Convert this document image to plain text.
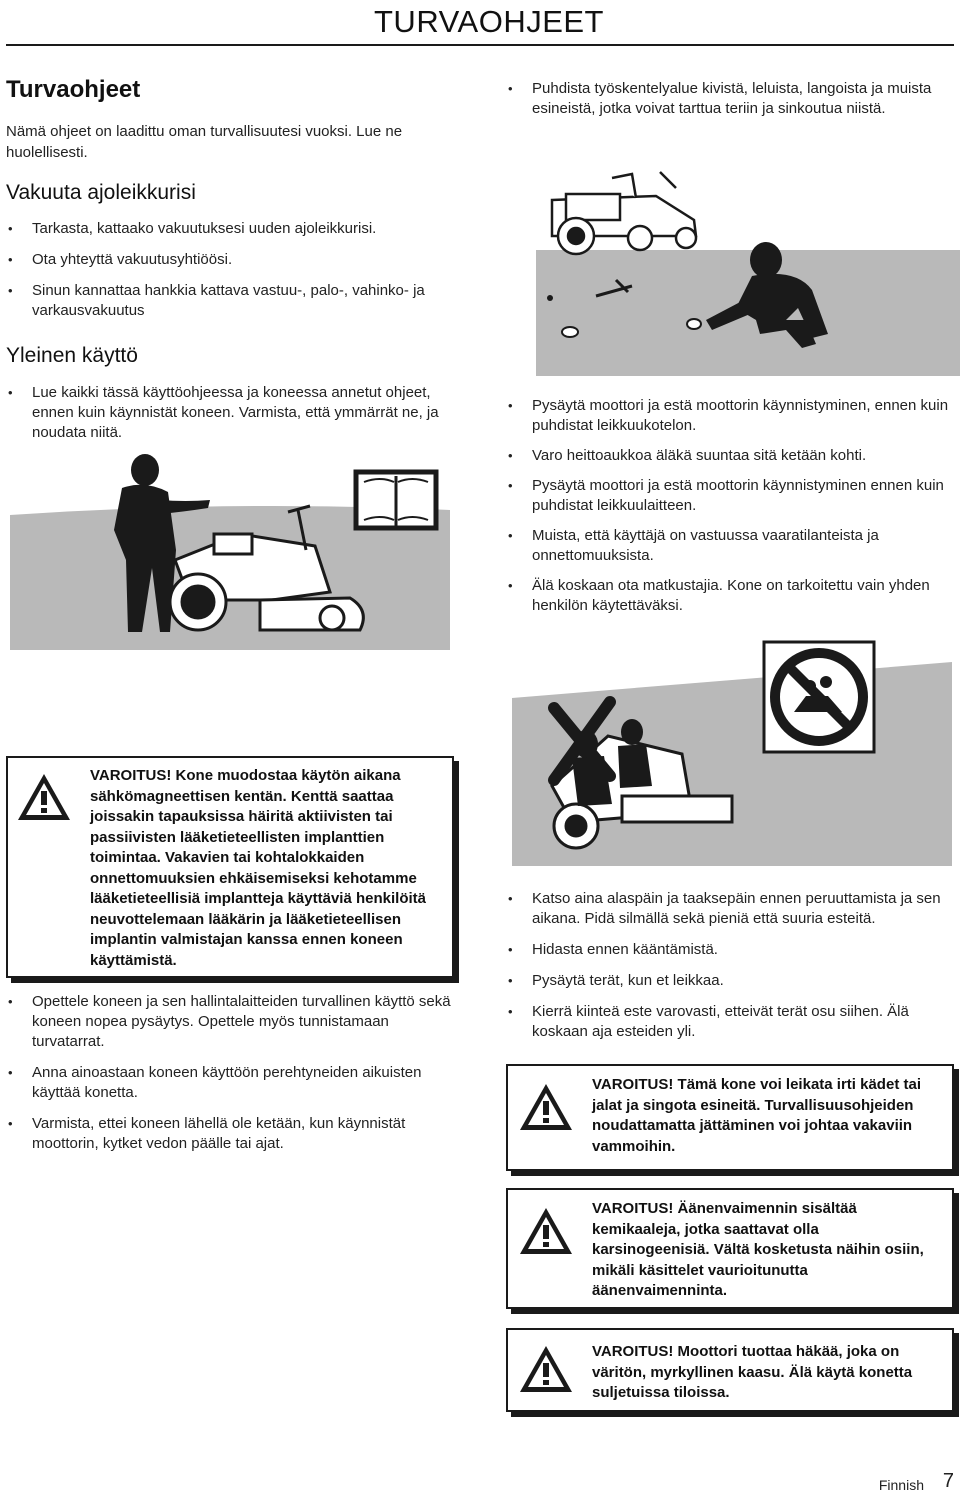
TURVAOHJEET
Turvaohjeet
Nämä ohjeet on laadittu oman turvallisuutesi vuoksi. Lue ne huolellisesti.
Vakuuta ajoleikkurisi
• Tarkasta, kattaako vakuutuksesi uuden ajoleikkurisi.
• Ota yhteyttä vakuutusyhtiöösi.
• Sinun kannattaa hankkia kattava vastuu-, palo-, vahinko- ja varkausvakuutus
Yleinen käyttö
• Lue kaikki tässä käyttöohjeessa ja koneessa annetut ohjeet, ennen kuin käynnistät koneen. Varmista, että ymmärrät ne, ja noudata niitä.
VAROITUS! Kone muodostaa käytön aikana sähkömagneettisen kentän. Kenttä saattaa joissakin tapauksissa häiritä aktiivisten tai passiivisten lääketieteellisten implanttien toimintaa. Vakavien tai kohtalokkaiden onnettomuuksien ehkäisemiseksi kehotamme lääketieteellisiä implantteja käyttäviä henkilöitä neuvottelemaan lääkärin ja lääketieteellisen implantin valmistajan kanssa ennen koneen käyttämistä.
• Opettele koneen ja sen hallintalaitteiden turvallinen käyttö sekä koneen nopea pysäytys. Opettele myös tunnistamaan turvatarrat.
• Anna ainoastaan koneen käyttöön perehtyneiden aikuisten käyttää konetta.
• Varmista, ettei koneen lähellä ole ketään, kun käynnistät moottorin, kytket vedon päälle tai ajat.
• Puhdista työskentelyalue kivistä, leluista, langoista ja muista esineistä, jotka voivat tarttua teriin ja sinkoutua niistä.
• Pysäytä moottori ja estä moottorin käynnistyminen, ennen kuin puhdistat leikkuukotelon.
• Varo heittoaukkoa äläkä suuntaa sitä ketään kohti.
• Pysäytä moottori ja estä moottorin käynnistyminen ennen kuin puhdistat leikkuulaitteen.
• Muista, että käyttäjä on vastuussa vaaratilanteista ja onnettomuuksista.
• Älä koskaan ota matkustajia. Kone on tarkoitettu vain yhden henkilön käytettäväksi.
• Katso aina alaspäin ja taaksepäin ennen peruuttamista ja sen aikana. Pidä silmällä sekä pieniä että suuria esteitä.
• Hidasta ennen kääntämistä.
• Pysäytä terät, kun et leikkaa.
• Kierrä kiinteä este varovasti, etteivät terät osu siihen. Älä koskaan aja esteiden yli.
VAROITUS! Tämä kone voi leikata irti kädet tai jalat ja singota esineitä. Turvallisuusohjeiden noudattamatta jättäminen voi johtaa vakaviin vammoihin.
VAROITUS! Äänenvaimennin sisältää kemikaaleja, jotka saattavat olla karsinogeenisiä. Vältä kosketusta näihin osiin, mikäli käsittelet vaurioitunutta äänenvaimenninta.
VAROITUS! Moottori tuottaa häkää, joka on väritön, myrkyllinen kaasu. Älä käytä konetta suljetuissa tiloissa.
Finnish 7
